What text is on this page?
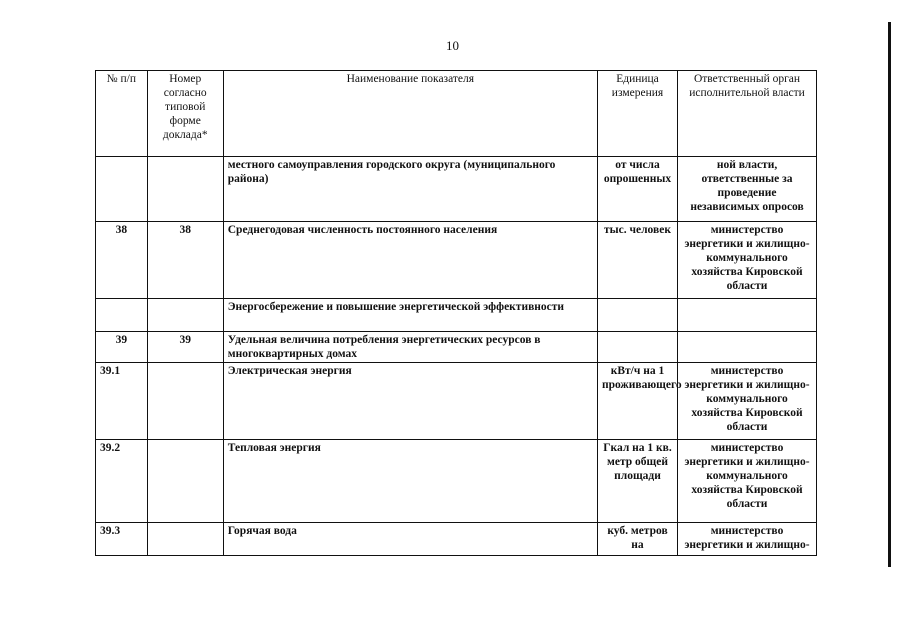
10
№ п/п	Номер согласно типовой форме доклада*	Наименование показателя	Единица измерения	Ответственный орган исполнительной власти
		местного самоуправления городского округа (муниципального района)	от числа опрошенных	ной власти, ответственные за проведение независимых опросов
38	38	Среднегодовая численность постоянного населения	тыс. человек	министерство энергетики и жилищно-коммунального хозяйства Кировской области
		Энергосбережение и повышение энергетической эффективности		
39	39	Удельная величина потребления энергетических ресурсов в многоквартирных домах		
39.1		Электрическая энергия	кВт/ч на 1 проживающего	министерство энергетики и жилищно-коммунального хозяйства Кировской области
39.2		Тепловая энергия	Гкал на 1 кв. метр общей площади	министерство энергетики и жилищно-коммунального хозяйства Кировской области
39.3		Горячая вода	куб. метров на	министерство энергетики и жилищно-
